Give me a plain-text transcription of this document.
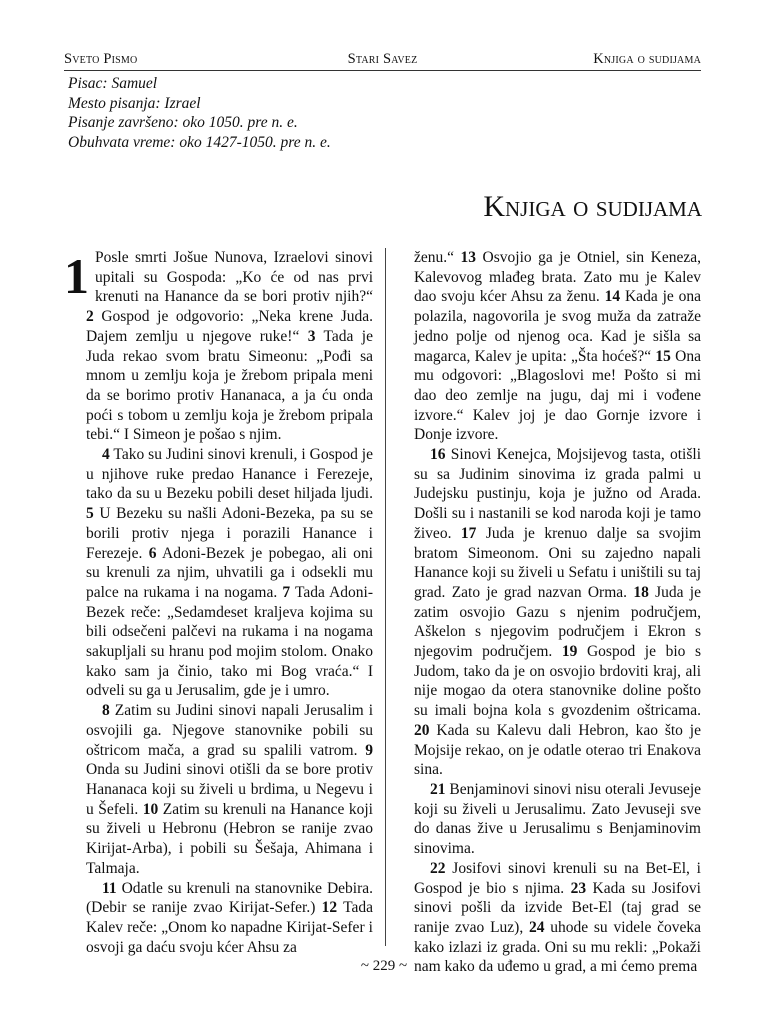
Sveto Pismo	Stari Savez	Knjiga o sudijama
Pisac: Samuel
Mesto pisanja: Izrael
Pisanje završeno: oko 1050. pre n. e.
Obuhvata vreme: oko 1427-1050. pre n. e.
Knjiga o sudijama

1 Posle smrti Jošue Nunova, Izraelovi sinovi upitali su Gospoda: „Ko će od nas prvi krenuti na Hanance da se bori protiv njih?“ 2 Gospod je odgovorio: „Neka krene Juda. Dajem zemlju u njegove ruke!“ 3 Tada je Juda rekao svom bratu Simeonu: „Pođi sa mnom u zemlju koja je žrebom pripala meni da se borimo protiv Hananaca, a ja ću onda poći s tobom u zemlju koja je žrebom pripala tebi.“ I Simeon je pošao s njim.

4 Tako su Judini sinovi krenuli, i Gospod je u njihove ruke predao Hanance i Ferezeje, tako da su u Bezeku pobili deset hiljada ljudi. 5 U Bezeku su našli Adoni-Bezeka, pa su se borili protiv njega i porazili Hanance i Ferezeje. 6 Adoni-Bezek je pobegao, ali oni su krenuli za njim, uhvatili ga i odsekli mu palce na rukama i na nogama. 7 Tada Adoni-Bezek reče: „Sedamdeset kraljeva kojima su bili odsečeni palčevi na rukama i na nogama sakupljali su hranu pod mojim stolom. Onako kako sam ja činio, tako mi Bog vraća.“ I odveli su ga u Jerusalim, gde je i umro.

8 Zatim su Judini sinovi napali Jerusalim i osvojili ga. Njegove stanovnike pobili su oštricom mača, a grad su spalili vatrom. 9 Onda su Judini sinovi otišli da se bore protiv Hananaca koji su živeli u brdima, u Negevu i u Šefeli. 10 Zatim su krenuli na Hanance koji su živeli u Hebronu (Hebron se ranije zvao Kirijat-Arba), i pobili su Šešaja, Ahimana i Talmaja.

11 Odatle su krenuli na stanovnike Debira. (Debir se ranije zvao Kirijat-Sefer.) 12 Tada Kalev reče: „Onom ko napadne Kirijat-Sefer i osvoji ga daću svoju kćer Ahsu za

ženu.“ 13 Osvojio ga je Otniel, sin Keneza, Kalevovog mlađeg brata. Zato mu je Kalev dao svoju kćer Ahsu za ženu. 14 Kada je ona polazila, nagovorila je svog muža da zatraže jedno polje od njenog oca. Kad je sišla sa magarca, Kalev je upita: „Šta hoćeš?“ 15 Ona mu odgovori: „Blagoslovi me! Pošto si mi dao deo zemlje na jugu, daj mi i vođene izvore.“ Kalev joj je dao Gornje izvore i Donje izvore.

16 Sinovi Kenejca, Mojsijevog tasta, otišli su sa Judinim sinovima iz grada palmi u Judejsku pustinju, koja je južno od Arada. Došli su i nastanili se kod naroda koji je tamo živeo. 17 Juda je krenuo dalje sa svojim bratom Simeonom. Oni su zajedno napali Hanance koji su živeli u Sefatu i uništili su taj grad. Zato je grad nazvan Orma. 18 Juda je zatim osvojio Gazu s njenim područjem, Aškelon s njegovim područjem i Ekron s njegovim područjem. 19 Gospod je bio s Judom, tako da je on osvojio brdoviti kraj, ali nije mogao da otera stanovnike doline pošto su imali bojna kola s gvozdenim oštricama. 20 Kada su Kalevu dali Hebron, kao što je Mojsije rekao, on je odatle oterao tri Enakova sina.

21 Benjaminovi sinovi nisu oterali Jevuseje koji su živeli u Jerusalimu. Zato Jevuseji sve do danas žive u Jerusalimu s Benjaminovim sinovima.

22 Josifovi sinovi krenuli su na Bet-El, i Gospod je bio s njima. 23 Kada su Josifovi sinovi pošli da izvide Bet-El (taj grad se ranije zvao Luz), 24 uhode su videle čoveka kako izlazi iz grada. Oni su mu rekli: „Pokaži nam kako da uđemo u grad, a mi ćemo prema

~ 229 ~
